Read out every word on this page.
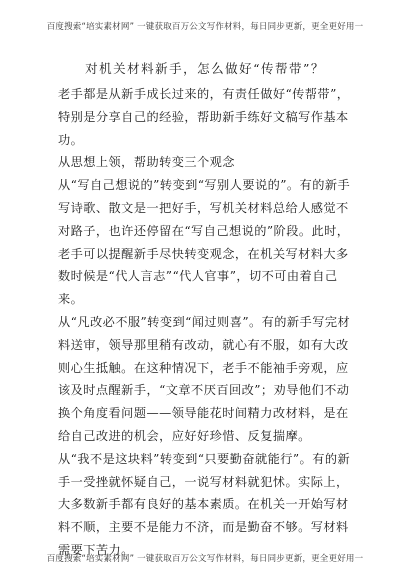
百度搜索“培实素材网” 一键获取百万公文写作材料，每日同步更新，更全更好用一
对机关材料新手，怎么做好“传帮带”？

老手都是从新手成长过来的，有责任做好“传帮带”，特别是分享自己的经验，帮助新手练好文稿写作基本功。

从思想上领，帮助转变三个观念

从“写自己想说的”转变到“写别人要说的”。有的新手写诗歌、散文是一把好手，写机关材料总给人感觉不对路子，也许还停留在“写自己想说的”阶段。此时，老手可以提醒新手尽快转变观念，在机关写材料大多数时候是“代人言志”“代人官事”，切不可由着自己来。

从“凡改必不服”转变到“闻过则喜”。有的新手写完材料送审，领导那里稍有改动，就心有不服，如有大改则心生抵触。在这种情况下，老手不能袖手旁观，应该及时点醒新手，“文章不厌百回改”；劝导他们不动换个角度看问题——领导能花时间精力改材料，是在给自己改进的机会，应好好珍惜、反复揣摩。

从“我不是这块料”转变到“只要勤奋就能行”。有的新手一受挫就怀疑自己，一说写材料就犯怵。实际上，大多数新手都有良好的基本素质。在机关一开始写材料不顺，主要不是能力不济，而是勤奋不够。写材料需要下苦力。

百度搜索“培实素材网” 一键获取百万公文写作材料，每日同步更新，更全更好用一
